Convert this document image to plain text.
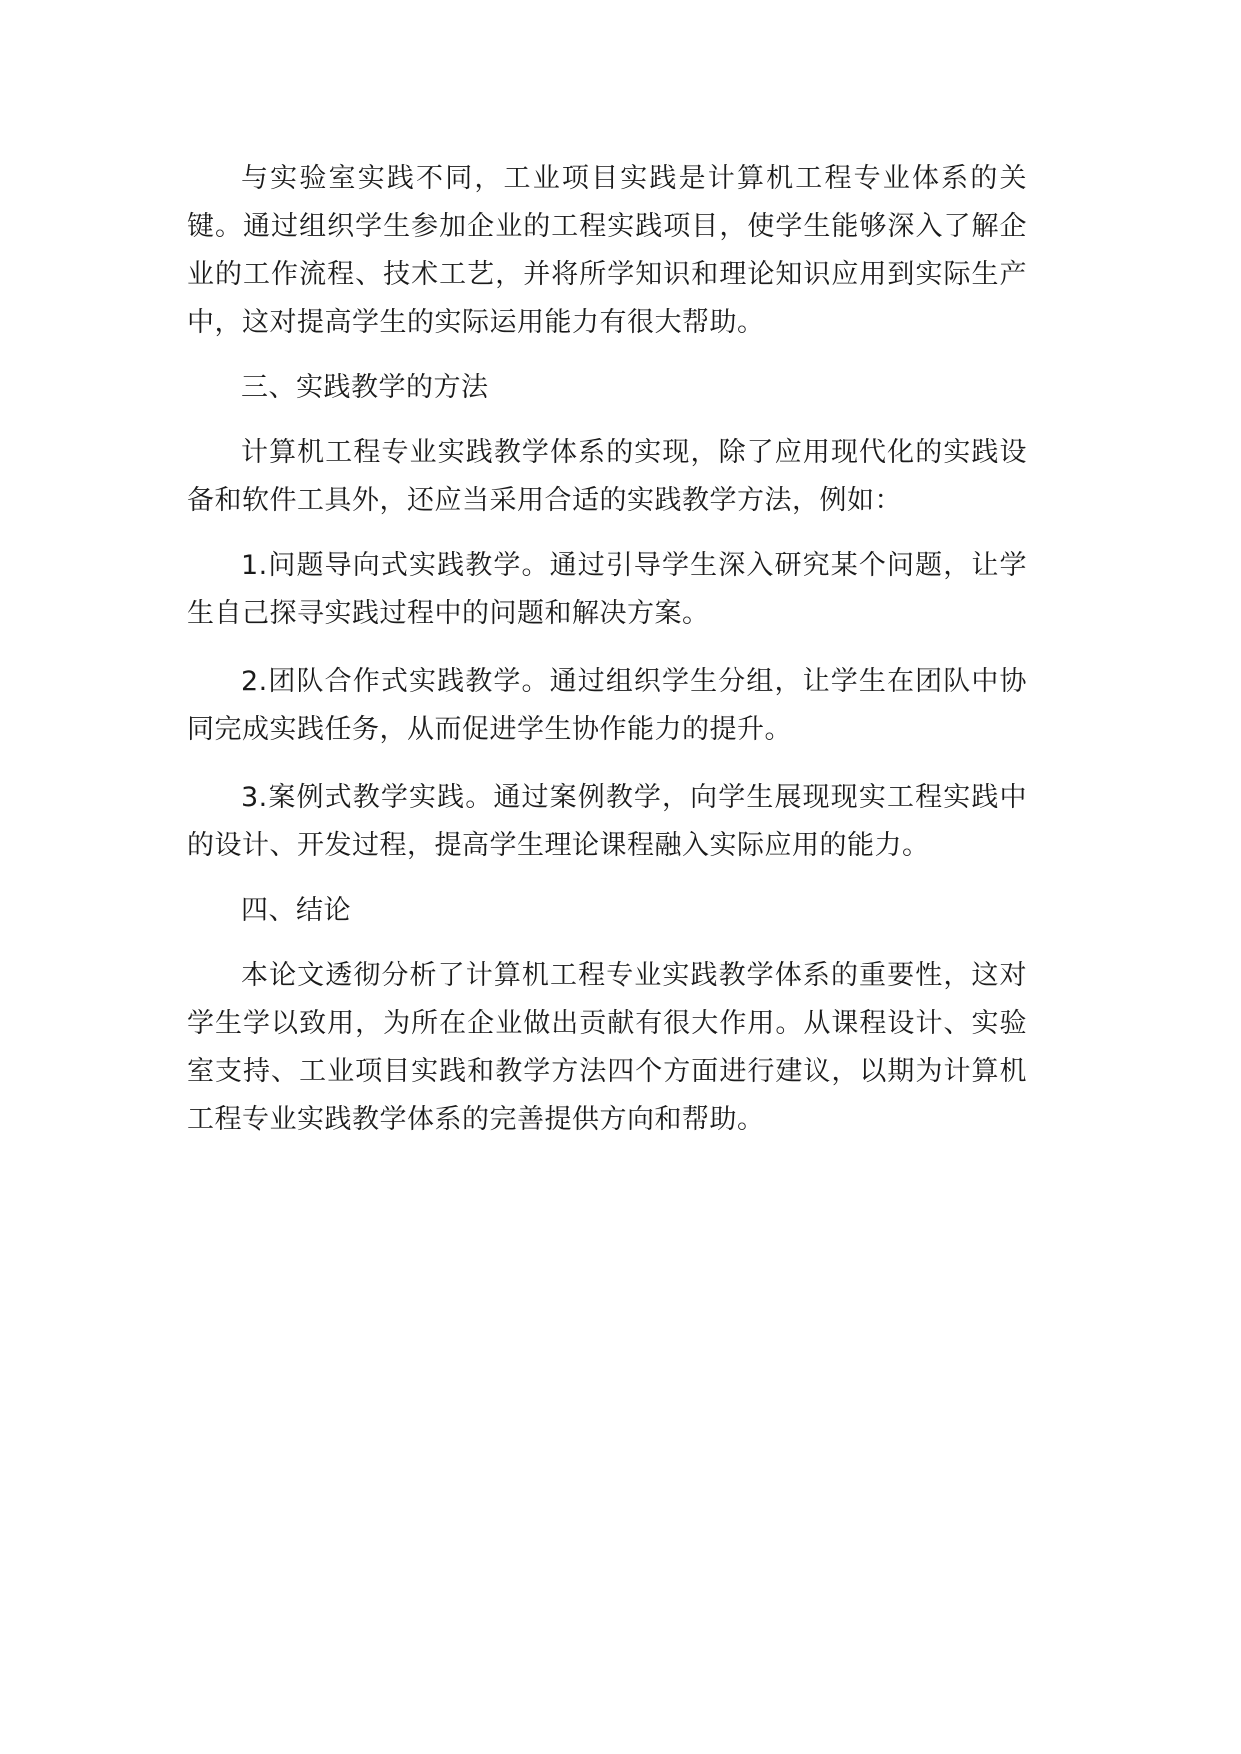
与实验室实践不同，工业项目实践是计算机工程专业体系的关键。通过组织学生参加企业的工程实践项目，使学生能够深入了解企业的工作流程、技术工艺，并将所学知识和理论知识应用到实际生产中，这对提高学生的实际运用能力有很大帮助。

三、实践教学的方法

计算机工程专业实践教学体系的实现，除了应用现代化的实践设备和软件工具外，还应当采用合适的实践教学方法，例如：

1.问题导向式实践教学。通过引导学生深入研究某个问题，让学生自己探寻实践过程中的问题和解决方案。

2.团队合作式实践教学。通过组织学生分组，让学生在团队中协同完成实践任务，从而促进学生协作能力的提升。

3.案例式教学实践。通过案例教学，向学生展现现实工程实践中的设计、开发过程，提高学生理论课程融入实际应用的能力。

四、结论

本论文透彻分析了计算机工程专业实践教学体系的重要性，这对学生学以致用，为所在企业做出贡献有很大作用。从课程设计、实验室支持、工业项目实践和教学方法四个方面进行建议，以期为计算机工程专业实践教学体系的完善提供方向和帮助。
